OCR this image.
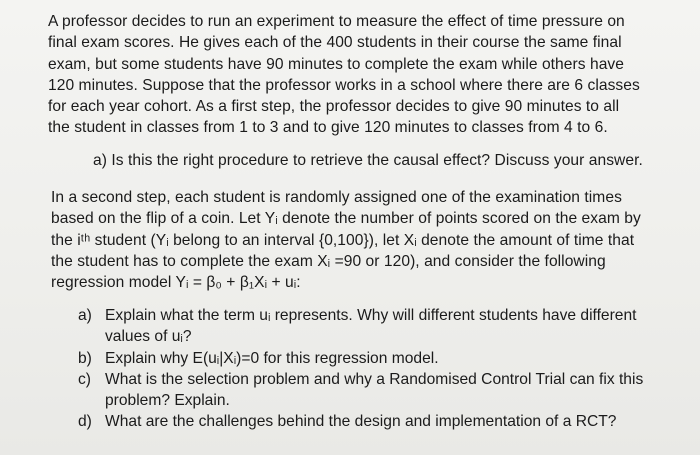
A professor decides to run an experiment to measure the effect of time pressure on
final exam scores. He gives each of the 400 students in their course the same final
exam, but some students have 90 minutes to complete the exam while others have
120 minutes. Suppose that the professor works in a school where there are 6 classes
for each year cohort. As a first step, the professor decides to give 90 minutes to all
the student in classes from 1 to 3 and to give 120 minutes to classes from 4 to 6.
a) Is this the right procedure to retrieve the causal effect? Discuss your answer.
In a second step, each student is randomly assigned one of the examination times
based on the flip of a coin. Let Yᵢ denote the number of points scored on the exam by
the iᵗʰ student (Yᵢ belong to an interval {0,100}), let Xᵢ denote the amount of time that
the student has to complete the exam Xᵢ =90 or 120), and consider the following
regression model Yᵢ = β₀ + β₁Xᵢ + uᵢ:
a) Explain what the term uᵢ represents. Why will different students have different
values of uᵢ?
b) Explain why E(uᵢ|Xᵢ)=0 for this regression model.
c) What is the selection problem and why a Randomised Control Trial can fix this
problem? Explain.
d) What are the challenges behind the design and implementation of a RCT?
